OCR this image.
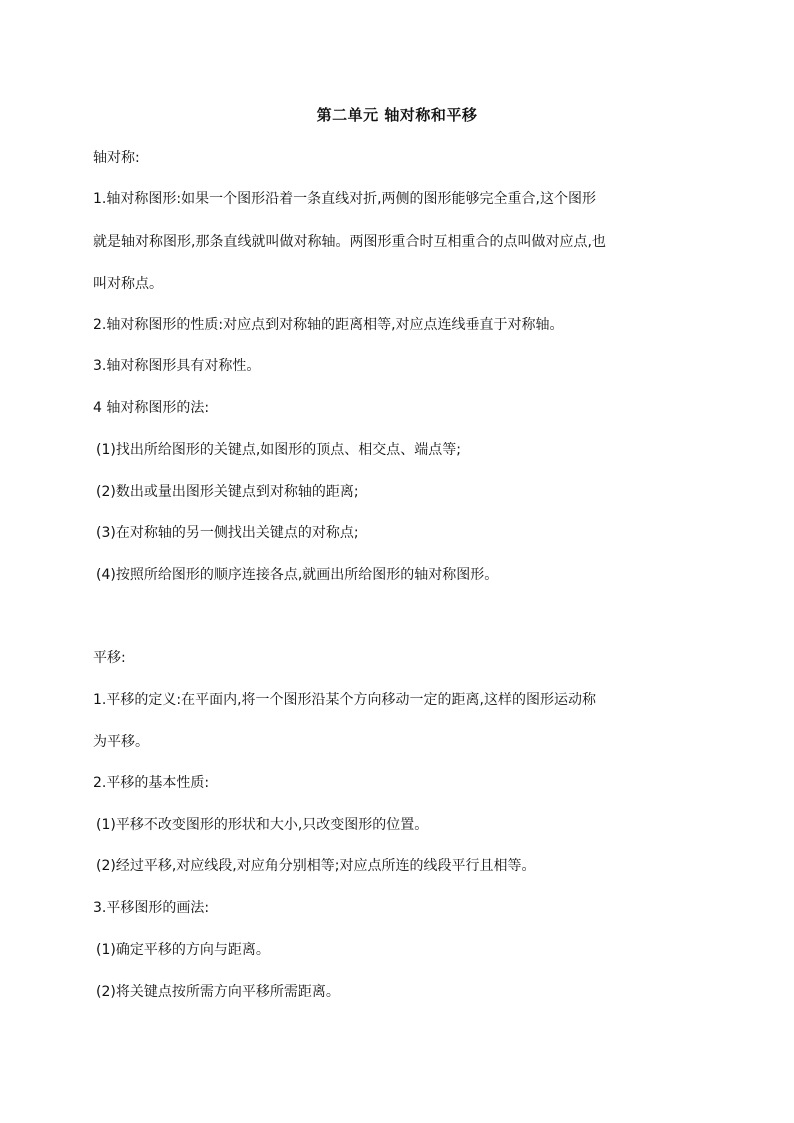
第二单元 轴对称和平移
轴对称:
1.轴对称图形:如果一个图形沿着一条直线对折,两侧的图形能够完全重合,这个图形
就是轴对称图形,那条直线就叫做对称轴。两图形重合时互相重合的点叫做对应点,也
叫对称点。
2.轴对称图形的性质:对应点到对称轴的距离相等,对应点连线垂直于对称轴。
3.轴对称图形具有对称性。
4 轴对称图形的法:
(1)找出所给图形的关键点,如图形的顶点、相交点、端点等;
(2)数出或量出图形关键点到对称轴的距离;
(3)在对称轴的另一侧找出关键点的对称点;
(4)按照所给图形的顺序连接各点,就画出所给图形的轴对称图形。
平移:
1.平移的定义:在平面内,将一个图形沿某个方向移动一定的距离,这样的图形运动称
为平移。
2.平移的基本性质:
(1)平移不改变图形的形状和大小,只改变图形的位置。
(2)经过平移,对应线段,对应角分别相等;对应点所连的线段平行且相等。
3.平移图形的画法:
(1)确定平移的方向与距离。
(2)将关键点按所需方向平移所需距离。
